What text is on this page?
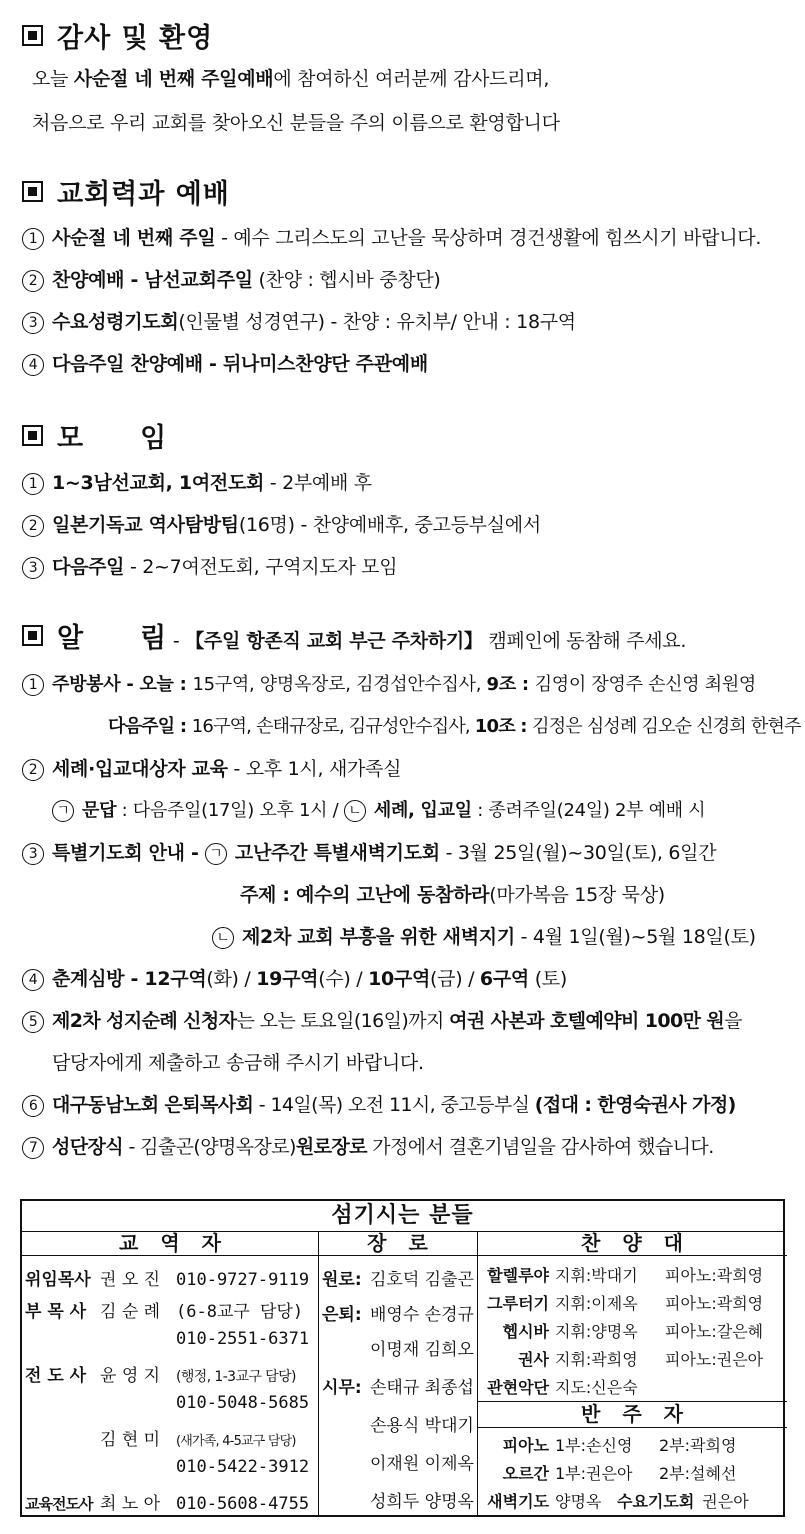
감사 및 환영
오늘 사순절 네 번째 주일예배에 참여하신 여러분께 감사드리며,
처음으로 우리 교회를 찾아오신 분들을 주의 이름으로 환영합니다
교회력과 예배
1 사순절 네 번째 주일 - 예수 그리스도의 고난을 묵상하며 경건생활에 힘쓰시기 바랍니다.
2 찬양예배 - 남선교회주일 (찬양 : 헵시바 중창단)
3 수요성령기도회(인물별 성경연구) - 찬양 : 유치부/ 안내 : 18구역
4 다음주일 찬양예배 - 뒤나미스찬양단 주관예배
모　　임
1 1~3남선교회, 1여전도회 - 2부예배 후
2 일본기독교 역사탐방팀(16명) - 찬양예배후, 중고등부실에서
3 다음주일 - 2~7여전도회, 구역지도자 모임
알　　림 - 【주일 항존직 교회 부근 주차하기】 캠페인에 동참해 주세요.
1 주방봉사 - 오늘 : 15구역, 양명옥장로, 김경섭안수집사, 9조 : 김영이 장영주 손신영 최원영
다음주일 : 16구역, 손태규장로, 김규성안수집사, 10조 : 김정은 심성례 김오순 신경희 한현주
2 세례·입교대상자 교육 - 오후 1시, 새가족실
ㄱ 문답 : 다음주일(17일) 오후 1시 / ㄴ 세례, 입교일 : 종려주일(24일) 2부 예배 시
3 특별기도회 안내 - ㄱ 고난주간 특별새벽기도회 - 3월 25일(월)~30일(토), 6일간
주제 : 예수의 고난에 동참하라(마가복음 15장 묵상)
ㄴ 제2차 교회 부흥을 위한 새벽지기 - 4월 1일(월)~5월 18일(토)
4 춘계심방 - 12구역(화) / 19구역(수) / 10구역(금) / 6구역 (토)
5 제2차 성지순례 신청자는 오는 토요일(16일)까지 여권 사본과 호텔예약비 100만 원을
담당자에게 제출하고 송금해 주시기 바랍니다.
6 대구동남노회 은퇴목사회 - 14일(목) 오전 11시, 중고등부실 (접대 : 한영숙권사 가정)
7 성단장식 - 김출곤(양명옥장로)원로장로 가정에서 결혼기념일을 감사하여 했습니다.
섬기시는 분들
교역자	장로	찬양대
반주자
위임목사 권 오 진 010-9727-9119
부 목 사 김 순 례 (6-8교구 담당)
010-2551-6371
전 도 사 윤 영 지 (행정, 1-3교구 담당)
010-5048-5685
김 현 미 (새가족, 4-5교구 담당)
010-5422-3912
교육전도사 최 노 아 010-5608-4755
원로: 김호덕 김출곤
은퇴: 배영수 손경규
이명재 김희오
시무: 손태규 최종섭
손용식 박대기
이재원 이제옥
성희두 양명옥
할렐루야 지휘:박대기 피아노:곽희영
그루터기 지휘:이제옥 피아노:곽희영
헵시바 지휘:양명옥 피아노:갈은혜
권사 지휘:곽희영 피아노:권은아
관현악단 지도:신은숙
피아노 1부:손신영 2부:곽희영
오르간 1부:권은아 2부:설혜선
새벽기도 양명옥 수요기도회 권은아
